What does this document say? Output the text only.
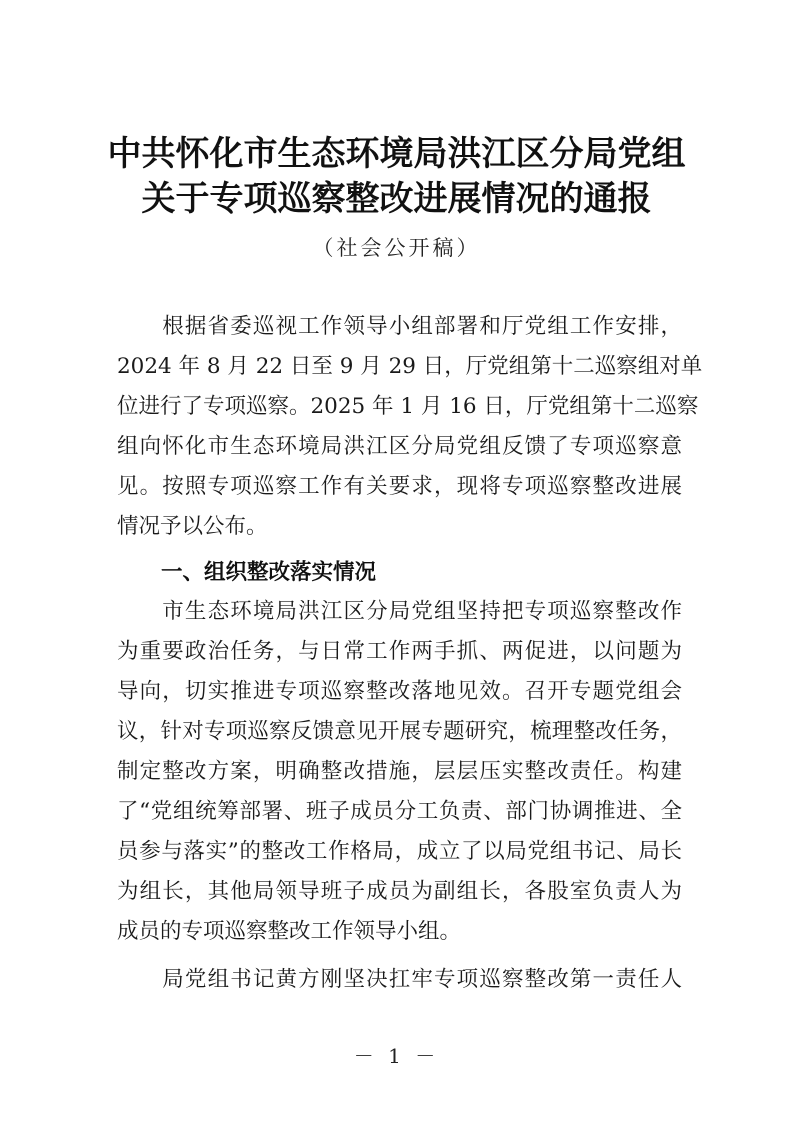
中共怀化市生态环境局洪江区分局党组
关于专项巡察整改进展情况的通报
（社会公开稿）
　　根据省委巡视工作领导小组部署和厅党组工作安排，
2024 年 8 月 22 日至 9 月 29 日，厅党组第十二巡察组对单
位进行了专项巡察。2025 年 1 月 16 日，厅党组第十二巡察
组向怀化市生态环境局洪江区分局党组反馈了专项巡察意
见。按照专项巡察工作有关要求，现将专项巡察整改进展
情况予以公布。
一、组织整改落实情况
　　市生态环境局洪江区分局党组坚持把专项巡察整改作
为重要政治任务，与日常工作两手抓、两促进，以问题为
导向，切实推进专项巡察整改落地见效。召开专题党组会
议，针对专项巡察反馈意见开展专题研究，梳理整改任务，
制定整改方案，明确整改措施，层层压实整改责任。构建
了“党组统筹部署、班子成员分工负责、部门协调推进、全
员参与落实”的整改工作格局，成立了以局党组书记、局长
为组长，其他局领导班子成员为副组长，各股室负责人为
成员的专项巡察整改工作领导小组。
　　局党组书记黄方刚坚决扛牢专项巡察整改第一责任人
－ 1 －
